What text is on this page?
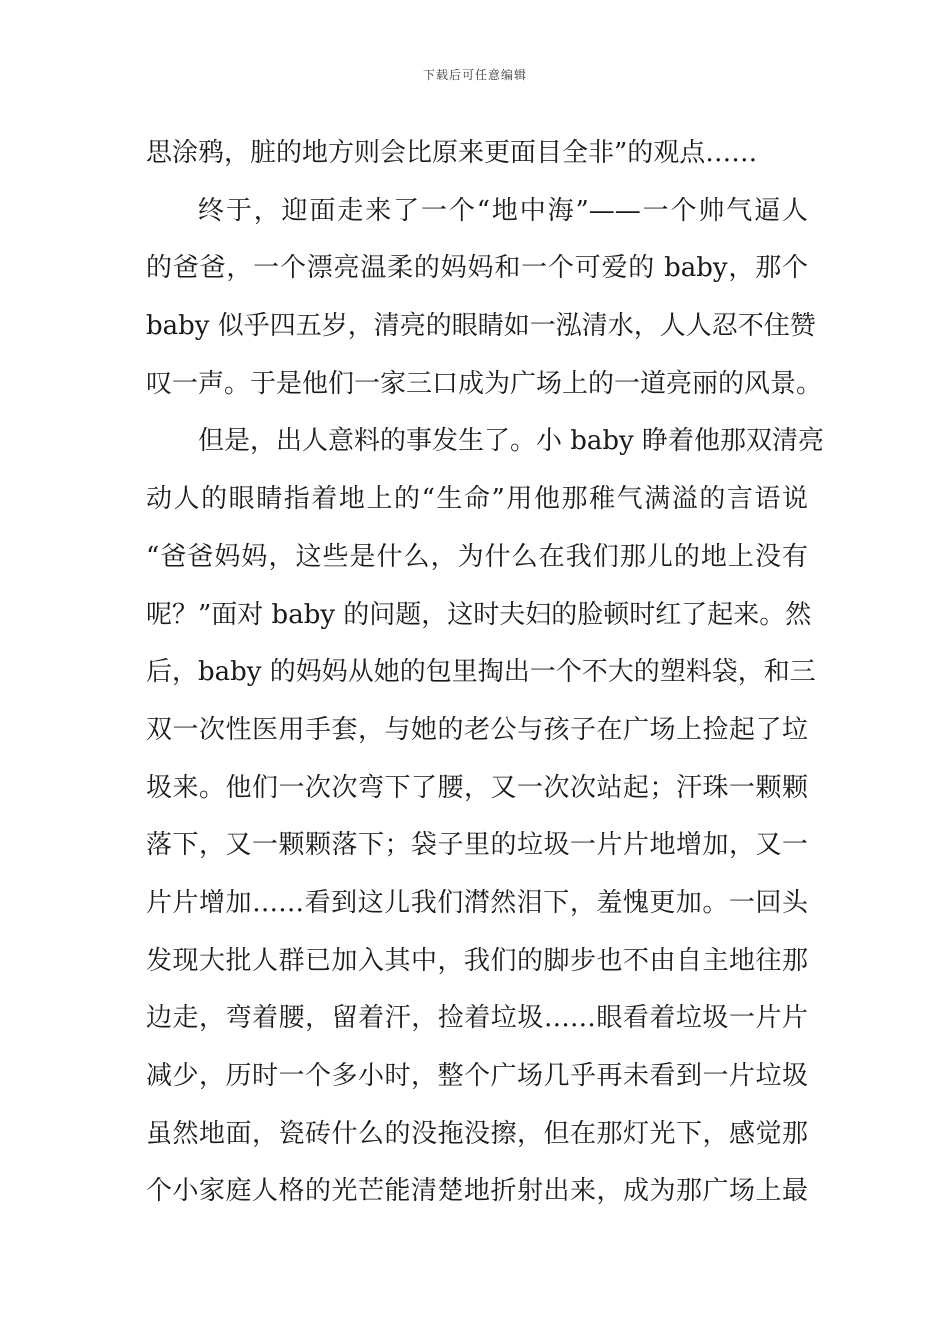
下载后可任意编辑
思涂鸦，脏的地方则会比原来更面目全非”的观点……
终于，迎面走来了一个“地中海”——一个帅气逼人
的爸爸，一个漂亮温柔的妈妈和一个可爱的 baby，那个
baby 似乎四五岁，清亮的眼睛如一泓清水，人人忍不住赞
叹一声。于是他们一家三口成为广场上的一道亮丽的风景。
但是，出人意料的事发生了。小 baby 睁着他那双清亮
动人的眼睛指着地上的“生命”用他那稚气满溢的言语说
“爸爸妈妈，这些是什么，为什么在我们那儿的地上没有
呢？”面对 baby 的问题，这时夫妇的脸顿时红了起来。然
后，baby 的妈妈从她的包里掏出一个不大的塑料袋，和三
双一次性医用手套，与她的老公与孩子在广场上捡起了垃
圾来。他们一次次弯下了腰，又一次次站起；汗珠一颗颗
落下，又一颗颗落下；袋子里的垃圾一片片地增加，又一
片片增加……看到这儿我们潸然泪下，羞愧更加。一回头
发现大批人群已加入其中，我们的脚步也不由自主地往那
边走，弯着腰，留着汗，捡着垃圾……眼看着垃圾一片片
减少，历时一个多小时，整个广场几乎再未看到一片垃圾
虽然地面，瓷砖什么的没拖没擦，但在那灯光下，感觉那
个小家庭人格的光芒能清楚地折射出来，成为那广场上最
